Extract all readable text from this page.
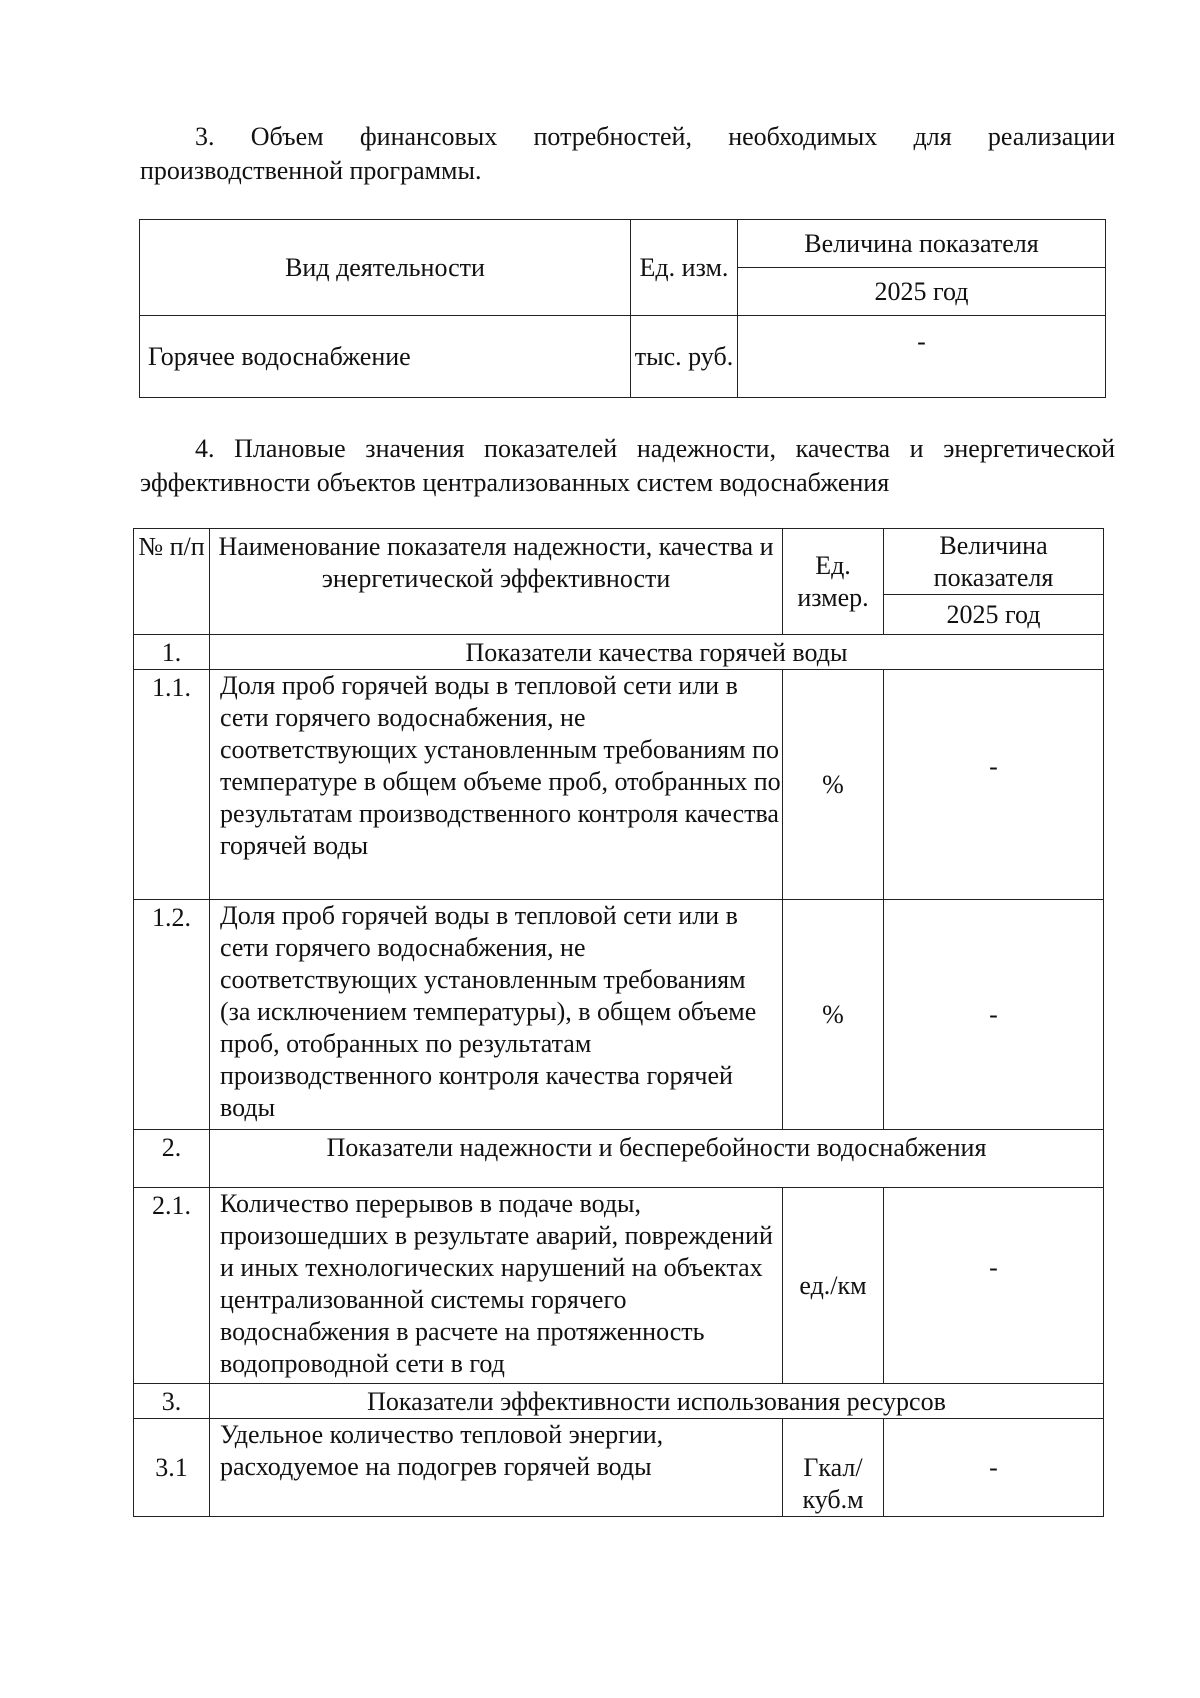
3. Объем финансовых потребностей, необходимых для реализации производственной программы.

Вид деятельности	Ед. изм.	Величина показателя
		2025 год
Горячее водоснабжение	тыс. руб.	-

4. Плановые значения показателей надежности, качества и энергетической эффективности объектов централизованных систем водоснабжения

№ п/п	Наименование показателя надежности, качества и энергетической эффективности	Ед. измер.	Величина показателя
			2025 год
1.	Показатели качества горячей воды		
1.1.	Доля проб горячей воды в тепловой сети или в сети горячего водоснабжения, не соответствующих установленным требованиям по температуре в общем объеме проб, отобранных по результатам производственного контроля качества горячей воды	%	-
1.2.	Доля проб горячей воды в тепловой сети или в сети горячего водоснабжения, не соответствующих установленным требованиям (за исключением температуры), в общем объеме проб, отобранных по результатам производственного контроля качества горячей воды	%	-
2.	Показатели надежности и бесперебойности водоснабжения		
2.1.	Количество перерывов в подаче воды, произошедших в результате аварий, повреждений и иных технологических нарушений на объектах централизованной системы горячего водоснабжения в расчете на протяженность водопроводной сети в год	ед./км	-
3.	Показатели эффективности использования ресурсов		
3.1	Удельное количество тепловой энергии, расходуемое на подогрев горячей воды	Гкал/куб.м	-
